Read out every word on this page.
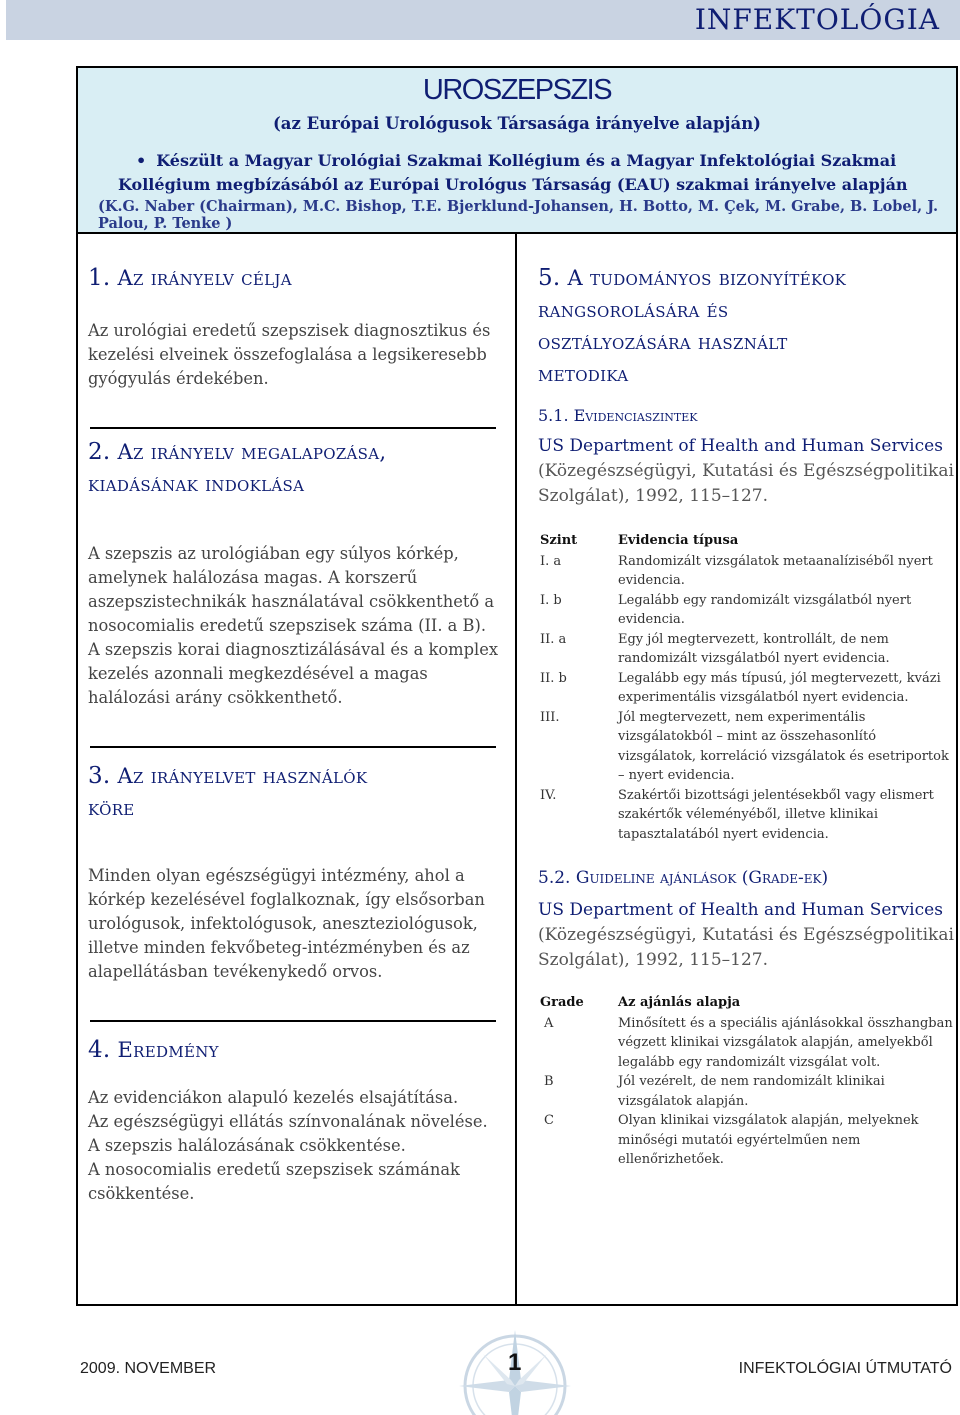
INFEKTOLÓGIA
UROSZEPSZIS
(az Európai Urológusok Társasága irányelve alapján)
• Készült a Magyar Urológiai Szakmai Kollégium és a Magyar Infektológiai Szakmai
Kollégium megbízásából az Európai Urológus Társaság (EAU) szakmai irányelve alapján
(K.G. Naber (Chairman), M.C. Bishop, T.E. Bjerklund-Johansen, H. Botto, M. Çek, M. Grabe, B. Lobel, J. Palou, P. Tenke )
1. Az irányelv célja
Az urológiai eredetű szepszisek diagnosztikus és kezelési elveinek összefoglalása a legsikeresebb gyógyulás érdekében.
2. Az irányelv megalapozása,
kiadásának indoklása
A szepszis az urológiában egy súlyos kórkép, amelynek halálozása magas. A korszerű aszepszistechnikák használatával csökkenthető a nosocomialis eredetű szepszisek száma (II. a B). A szepszis korai diagnosztizálásával és a komplex kezelés azonnali megkezdésével a magas halálozási arány csökkenthető.
3. Az irányelvet használók
köre
Minden olyan egészségügyi intézmény, ahol a kórkép kezelésével foglalkoznak, így elsősorban urológusok, infektológusok, aneszteziológusok, illetve minden fekvőbeteg-intézményben és az alapellátásban tevékenykedő orvos.
4. Eredmény
Az evidenciákon alapuló kezelés elsajátítása.
Az egészségügyi ellátás színvonalának növelése.
A szepszis halálozásának csökkentése.
A nosocomialis eredetű szepszisek számának csökkentése.
5. A tudományos bizonyítékok
rangsorolására és
osztályozására használt
metodika
5.1. Evidenciaszintek
US Department of Health and Human Services (Közegészségügyi, Kutatási és Egészségpolitikai Szolgálat), 1992, 115–127.
Szint	Evidencia típusa
I. a	Randomizált vizsgálatok metaanalíziséből nyert evidencia.
I. b	Legalább egy randomizált vizsgálatból nyert evidencia.
II. a	Egy jól megtervezett, kontrollált, de nem randomizált vizsgálatból nyert evidencia.
II. b	Legalább egy más típusú, jól megtervezett, kvázi experimentális vizsgálatból nyert evidencia.
III.	Jól megtervezett, nem experimentális vizsgálatokból – mint az összehasonlító vizsgálatok, korreláció vizsgálatok és esetriportok – nyert evidencia.
IV.	Szakértői bizottsági jelentésekből vagy elismert szakértők véleményéből, illetve klinikai tapasztalatából nyert evidencia.
5.2. Guideline ajánlások (Grade-ek)
US Department of Health and Human Services (Közegészségügyi, Kutatási és Egészségpolitikai Szolgálat), 1992, 115–127.
Grade	Az ajánlás alapja
A	Minősített és a speciális ajánlásokkal összhangban végzett klinikai vizsgálatok alapján, amelyekből legalább egy randomizált vizsgálat volt.
B	Jól vezérelt, de nem randomizált klinikai vizsgálatok alapján.
C	Olyan klinikai vizsgálatok alapján, melyeknek minőségi mutatói egyértelműen nem ellenőrizhetőek.
2009. NOVEMBER	1	INFEKTOLÓGIAI ÚTMUTATÓ
